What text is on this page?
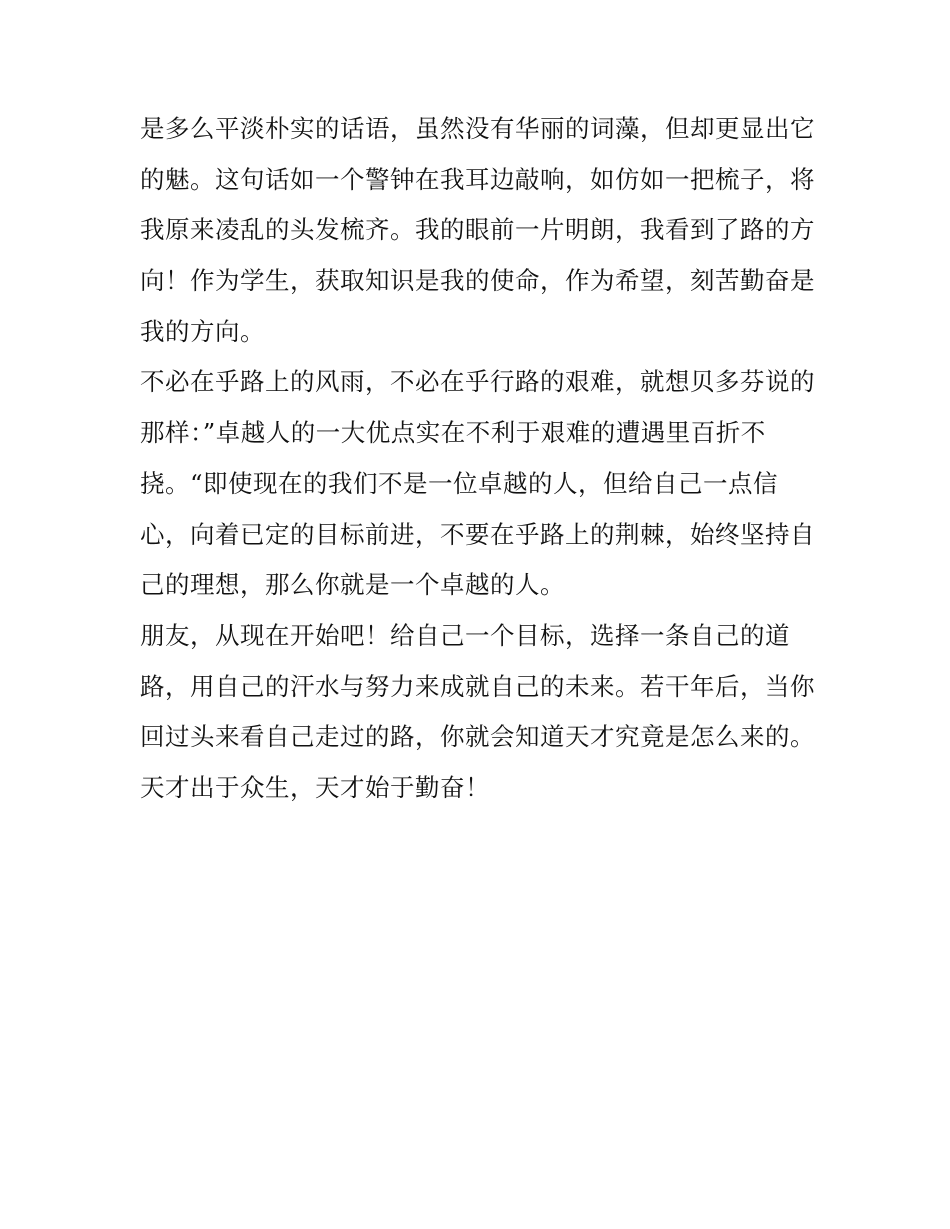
是多么平淡朴实的话语，虽然没有华丽的词藻，但却更显出它
的魅。这句话如一个警钟在我耳边敲响，如仿如一把梳子，将
我原来凌乱的头发梳齐。我的眼前一片明朗，我看到了路的方
向！作为学生，获取知识是我的使命，作为希望，刻苦勤奋是
我的方向。
不必在乎路上的风雨，不必在乎行路的艰难，就想贝多芬说的
那样：”卓越人的一大优点实在不利于艰难的遭遇里百折不
挠。“即使现在的我们不是一位卓越的人，但给自己一点信
心，向着已定的目标前进，不要在乎路上的荆棘，始终坚持自
己的理想，那么你就是一个卓越的人。
朋友，从现在开始吧！给自己一个目标，选择一条自己的道
路，用自己的汗水与努力来成就自己的未来。若干年后，当你
回过头来看自己走过的路，你就会知道天才究竟是怎么来的。
天才出于众生，天才始于勤奋！
